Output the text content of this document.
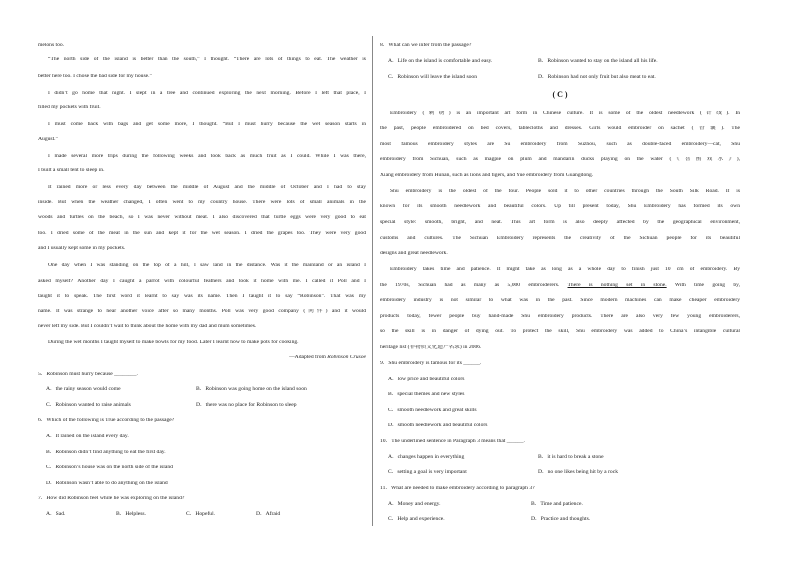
melons too.
“The north side of the island is better than the south,” I thought. “There are lots of things to eat. The weather is
better here too. I chose the bad side for my house.”
I didn’t go home that night. I slept in a tree and continued exploring the next morning. Before I left that place, I
filled my pockets with fruit.
I must come back with bags and get some more, I thought. “But I must hurry because the wet season starts in
August.”
I made several more trips during the following weeks and took back as much fruit as I could. While I was there,
I built a small tent to sleep in.
It rained more or less every day between the middle of August and the middle of October and I had to stay
inside. But when the weather changed, I often went to my country house. There were lots of small animals in the
woods and turtles on the beach, so I was never without meat. I also discovered that turtle eggs were very good to eat
too. I dried some of the meat in the sun and kept it for the wet season. I dried the grapes too. They were very good
and I usually kept some in my pockets.
One day when I was standing on the top of a hill, I saw land in the distance. Was it the mainland or an island I
asked myself? Another day I caught a parrot with colourful feathers and took it home with me. I called it Poll and I
taught it to speak. The first word it learnt to say was its name. Then I taught it to say “Robinson”. That was my
name. It was strange to hear another voice after so many months. Poll was very good company (同伴) and it would
never left my side. But I couldn’t wait to think about the home with my dad and mum sometimes.
During the wet months I taught myself to make bowls for my food. Later I learnt how to make pots for cooking.
—Adapted from Robinson Crusoe
5．Robinson must hurry because ________.
A．the rainy season would come	B．Robinson was going home on the island soon
C．Robinson wanted to raise animals	D．there was no place for Robinson to sleep
6．Which of the following is True according to the passage?
A．It rained on the island every day.
B．Robinson didn’t find anything to eat the first day.
C．Robinson’s house was on the north side of the island
D．Robinson wasn’t able to do anything on the island
7．How did Robinson feel while he was exploring on the island?
A．Sad.	B．Helpless.	C．Hopeful.	D．Afraid
8．What can we infer from the passage?
A．Life on the island is comfortable and easy.	B．Robinson wanted to stay on the island all his life.
C．Robinson will leave the island soon	D．Robinson had not only fruit but also meat to eat.
( C )
Embroidery (刺绣) is an important art form in Chinese culture. It is some of the oldest needlework (针线). In
the past, people embroidered on bed covers, tablecloths and dresses. Girls would embroider on sachet (香囊). The
most famous embroidery styles are Su embroidery from Suzhou, such as double-faced embroidery—cat, Shu
embroidery from Sichuan, such as magpie on plum and mandarin ducks playing on the water (《喜鹊戏水》),
Xiang embroidery from Hunan, such as lions and tigers, and Yue embroidery from Guangdong.
Shu embroidery is the oldest of the four. People sold it to other countries through the South Silk Road. It is
known for its smooth needlework and beautiful colors. Up till present today, Shu Embroidery has formed its own
special style: smooth, bright, and neat. This art form is also deeply affected by the geographical environment,
customs and cultures. The Sichuan Embroidery represents the creativity of the Sichuan people for its beautiful
designs and great needlework.
Embroidery takes time and patience. It might take as long as a whole day to finish just 10 cm of embroidery. By
the 1970s, Sichuan had as many as 5,000 embroiderers. There is nothing set in stone. With time going by,
embroidery industry is not similar to what was in the past. Since modern machines can make cheaper embroidery
products today, fewer people buy hand-made Shu embroidery products. There are also very few young embroiderers,
so the skill is in danger of dying out. To protect the skill, Shu embroidery was added to China’s intangible cultural
heritage list (非物质文化遗产名录) in 2006.
9．Shu embroidery is famous for its ______.
A．low price and beautiful colors
B．special themes and new styles
C．smooth needlework and great skills
D．smooth needlework and beautiful colors
10．The underlined sentence in Paragraph 3 means that ______.
A．changes happen in everything	B．it is hard to break a stone
C．setting a goal is very important	D．no one likes being hit by a rock
11．What are needed to make embroidery according to paragraph 3?
A．Money and energy.	B．Time and patience.
C．Help and experience.	D．Practice and thoughts.
